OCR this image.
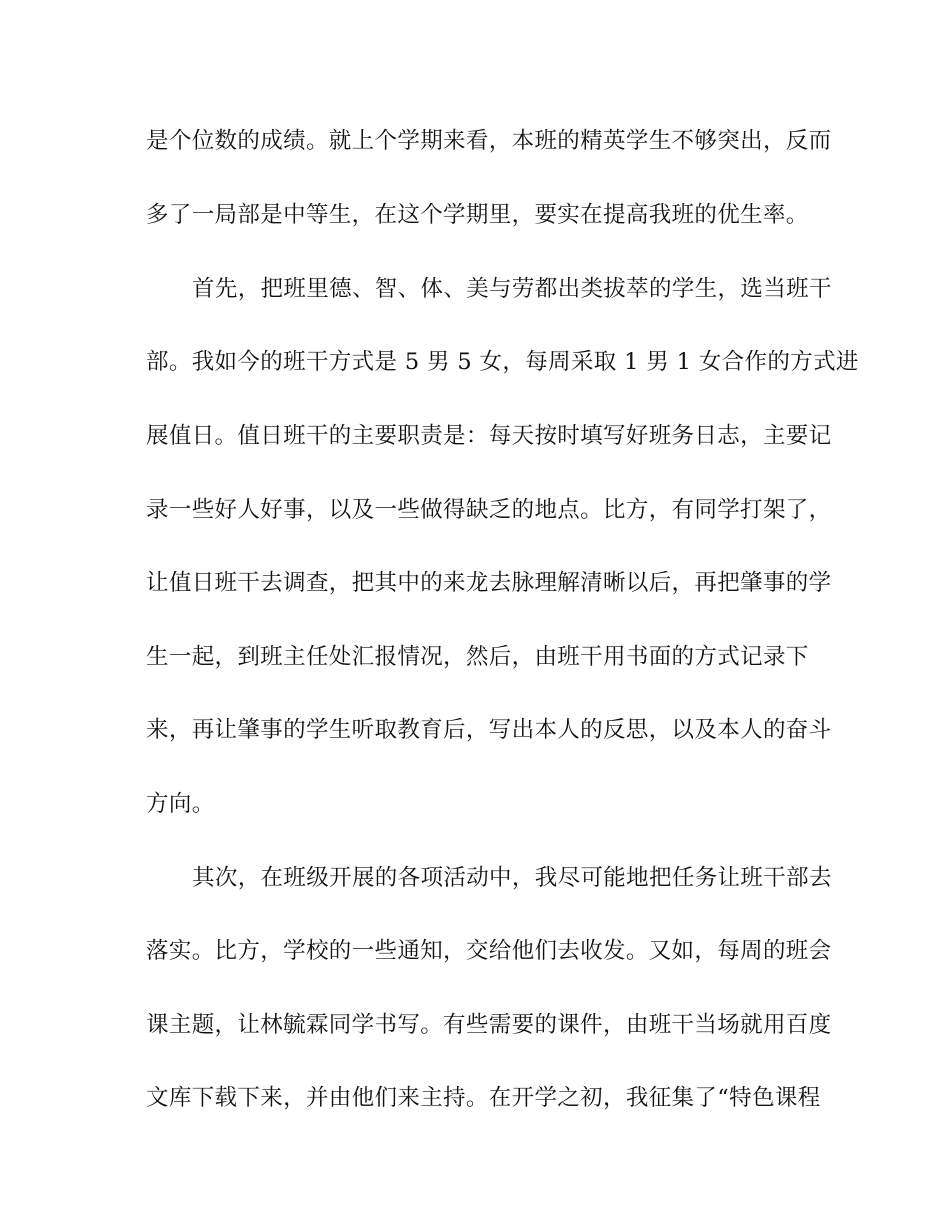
是个位数的成绩。就上个学期来看，本班的精英学生不够突出，反而
多了一局部是中等生，在这个学期里，要实在提高我班的优生率。
首先，把班里德、智、体、美与劳都出类拔萃的学生，选当班干
部。我如今的班干方式是 5 男 5 女，每周采取 1 男 1 女合作的方式进
展值日。值日班干的主要职责是：每天按时填写好班务日志，主要记
录一些好人好事，以及一些做得缺乏的地点。比方，有同学打架了，
让值日班干去调查，把其中的来龙去脉理解清晰以后，再把肇事的学
生一起，到班主任处汇报情况，然后，由班干用书面的方式记录下
来，再让肇事的学生听取教育后，写出本人的反思，以及本人的奋斗
方向。
其次，在班级开展的各项活动中，我尽可能地把任务让班干部去
落实。比方，学校的一些通知，交给他们去收发。又如，每周的班会
课主题，让林毓霖同学书写。有些需要的课件，由班干当场就用百度
文库下载下来，并由他们来主持。在开学之初，我征集了“特色课程
